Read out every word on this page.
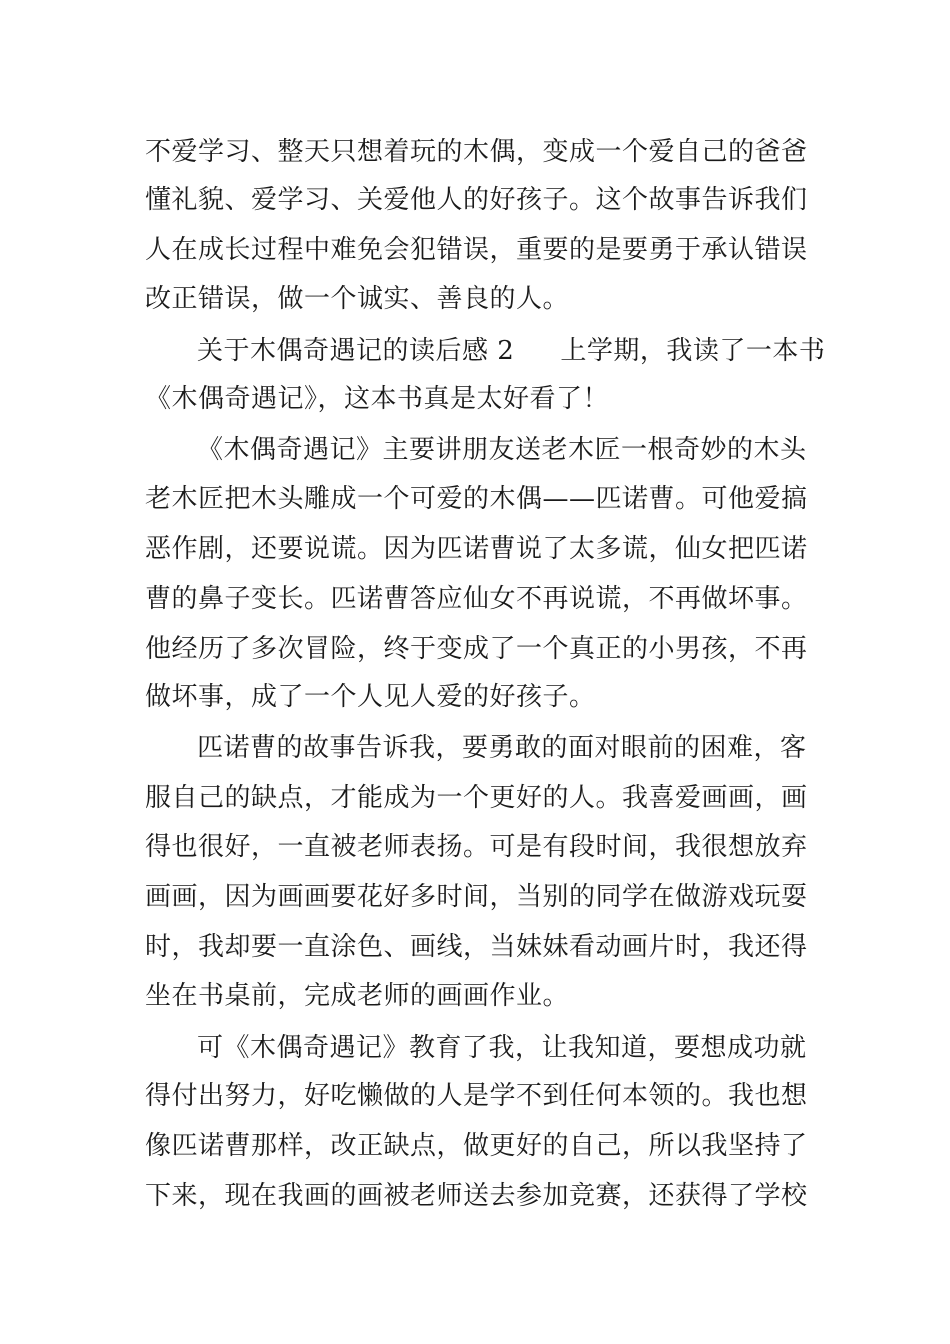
不爱学习、整天只想着玩的木偶，变成一个爱自己的爸爸
懂礼貌、爱学习、关爱他人的好孩子。这个故事告诉我们
人在成长过程中难免会犯错误，重要的是要勇于承认错误
改正错误，做一个诚实、善良的人。
关于木偶奇遇记的读后感 2 上学期，我读了一本书
《木偶奇遇记》，这本书真是太好看了！
《木偶奇遇记》主要讲朋友送老木匠一根奇妙的木头
老木匠把木头雕成一个可爱的木偶——匹诺曹。可他爱搞
恶作剧，还要说谎。因为匹诺曹说了太多谎，仙女把匹诺
曹的鼻子变长。匹诺曹答应仙女不再说谎，不再做坏事。
他经历了多次冒险，终于变成了一个真正的小男孩，不再
做坏事，成了一个人见人爱的好孩子。
匹诺曹的故事告诉我，要勇敢的面对眼前的困难，客
服自己的缺点，才能成为一个更好的人。我喜爱画画，画
得也很好，一直被老师表扬。可是有段时间，我很想放弃
画画，因为画画要花好多时间，当别的同学在做游戏玩耍
时，我却要一直涂色、画线，当妹妹看动画片时，我还得
坐在书桌前，完成老师的画画作业。
可《木偶奇遇记》教育了我，让我知道，要想成功就
得付出努力，好吃懒做的人是学不到任何本领的。我也想
像匹诺曹那样，改正缺点，做更好的自己，所以我坚持了
下来，现在我画的画被老师送去参加竞赛，还获得了学校
